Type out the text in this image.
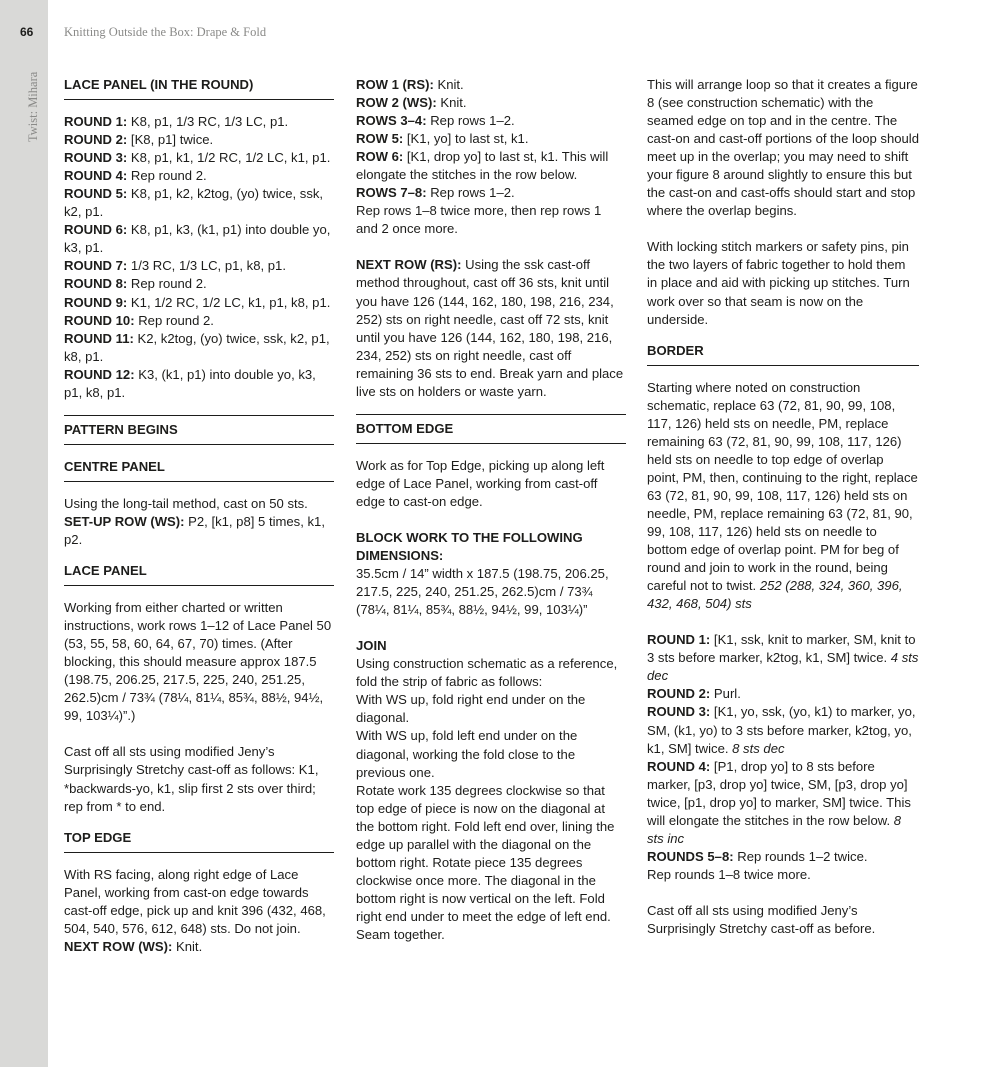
66	Knitting Outside the Box: Drape & Fold
Twist: Mihara LACE PANEL (IN THE ROUND)

ROUND 1: K8, p1, 1/3 RC, 1/3 LC, p1.

ROUND 2: [K8, p1] twice.

ROUND 3: K8, p1, k1, 1/2 RC, 1/2 LC, k1, p1.

ROUND 4: Rep round 2.

ROUND 5: K8, p1, k2, k2tog, (yo) twice, ssk, k2, p1.

ROUND 6: K8, p1, k3, (k1, p1) into double yo, k3, p1.

ROUND 7: 1/3 RC, 1/3 LC, p1, k8, p1.

ROUND 8: Rep round 2.

ROUND 9: K1, 1/2 RC, 1/2 LC, k1, p1, k8, p1.

ROUND 10: Rep round 2.

ROUND 11: K2, k2tog, (yo) twice, ssk, k2, p1, k8, p1.

ROUND 12: K3, (k1, p1) into double yo, k3, p1, k8, p1.

PATTERN BEGINS
CENTRE PANEL

Using the long-tail method, cast on 50 sts.

SET-UP ROW (WS): P2, [k1, p8] 5 times, k1, p2.

LACE PANEL

Working from either charted or written instructions, work rows 1–12 of Lace Panel 50 (53, 55, 58, 60, 64, 67, 70) times. (After blocking, this should measure approx 187.5 (198.75, 206.25, 217.5, 225, 240, 251.25, 262.5)cm / 73¾ (78¼, 81¼, 85¾, 88½, 94½, 99, 103¼)”.)

Cast off all sts using modified Jeny’s Surprisingly Stretchy cast-off as follows: K1, *backwards-yo, k1, slip first 2 sts over third; rep from * to end.

TOP EDGE

With RS facing, along right edge of Lace Panel, working from cast-on edge towards cast-off edge, pick up and knit 396 (432, 468, 504, 540, 576, 612, 648) sts. Do not join.

NEXT ROW (WS): Knit.

ROW 1 (RS): Knit.

ROW 2 (WS): Knit.

ROWS 3–4: Rep rows 1–2.

ROW 5: [K1, yo] to last st, k1.

ROW 6: [K1, drop yo] to last st, k1. This will elongate the stitches in the row below.

ROWS 7–8: Rep rows 1–2.

Rep rows 1–8 twice more, then rep rows 1 and 2 once more.

NEXT ROW (RS): Using the ssk cast-off method throughout, cast off 36 sts, knit until you have 126 (144, 162, 180, 198, 216, 234, 252) sts on right needle, cast off 72 sts, knit until you have 126 (144, 162, 180, 198, 216, 234, 252) sts on right needle, cast off remaining 36 sts to end. Break yarn and place live sts on holders or waste yarn.

BOTTOM EDGE

Work as for Top Edge, picking up along left edge of Lace Panel, working from cast-off edge to cast-on edge.

BLOCK WORK TO THE FOLLOWING DIMENSIONS:

35.5cm / 14” width x 187.5 (198.75, 206.25, 217.5, 225, 240, 251.25, 262.5)cm / 73¾ (78¼, 81¼, 85¾, 88½, 94½, 99, 103¼)”

JOIN

Using construction schematic as a reference, fold the strip of fabric as follows:
With WS up, fold right end under on the diagonal.
With WS up, fold left end under on the diagonal, working the fold close to the previous one.
Rotate work 135 degrees clockwise so that top edge of piece is now on the diagonal at the bottom right. Fold left end over, lining the edge up parallel with the diagonal on the bottom right. Rotate piece 135 degrees clockwise once more. The diagonal in the bottom right is now vertical on the left. Fold right end under to meet the edge of left end. Seam together.

This will arrange loop so that it creates a figure 8 (see construction schematic) with the seamed edge on top and in the centre. The cast-on and cast-off portions of the loop should meet up in the overlap; you may need to shift your figure 8 around slightly to ensure this but the cast-on and cast-offs should start and stop where the overlap begins.

With locking stitch markers or safety pins, pin the two layers of fabric together to hold them in place and aid with picking up stitches. Turn work over so that seam is now on the underside.

BORDER

Starting where noted on construction schematic, replace 63 (72, 81, 90, 99, 108, 117, 126) held sts on needle, PM, replace remaining 63 (72, 81, 90, 99, 108, 117, 126) held sts on needle to top edge of overlap point, PM, then, continuing to the right, replace 63 (72, 81, 90, 99, 108, 117, 126) held sts on needle, PM, replace remaining 63 (72, 81, 90, 99, 108, 117, 126) held sts on needle to bottom edge of overlap point. PM for beg of round and join to work in the round, being careful not to twist. 252 (288, 324, 360, 396, 432, 468, 504) sts

ROUND 1: [K1, ssk, knit to marker, SM, knit to 3 sts before marker, k2tog, k1, SM] twice. 4 sts dec

ROUND 2: Purl.

ROUND 3: [K1, yo, ssk, (yo, k1) to marker, yo, SM, (k1, yo) to 3 sts before marker, k2tog, yo, k1, SM] twice. 8 sts dec

ROUND 4: [P1, drop yo] to 8 sts before marker, [p3, drop yo] twice, SM, [p3, drop yo] twice, [p1, drop yo] to marker, SM] twice. This will elongate the stitches in the row below. 8 sts inc

ROUNDS 5–8: Rep rounds 1–2 twice.

Rep rounds 1–8 twice more.

Cast off all sts using modified Jeny’s Surprisingly Stretchy cast-off as before.
